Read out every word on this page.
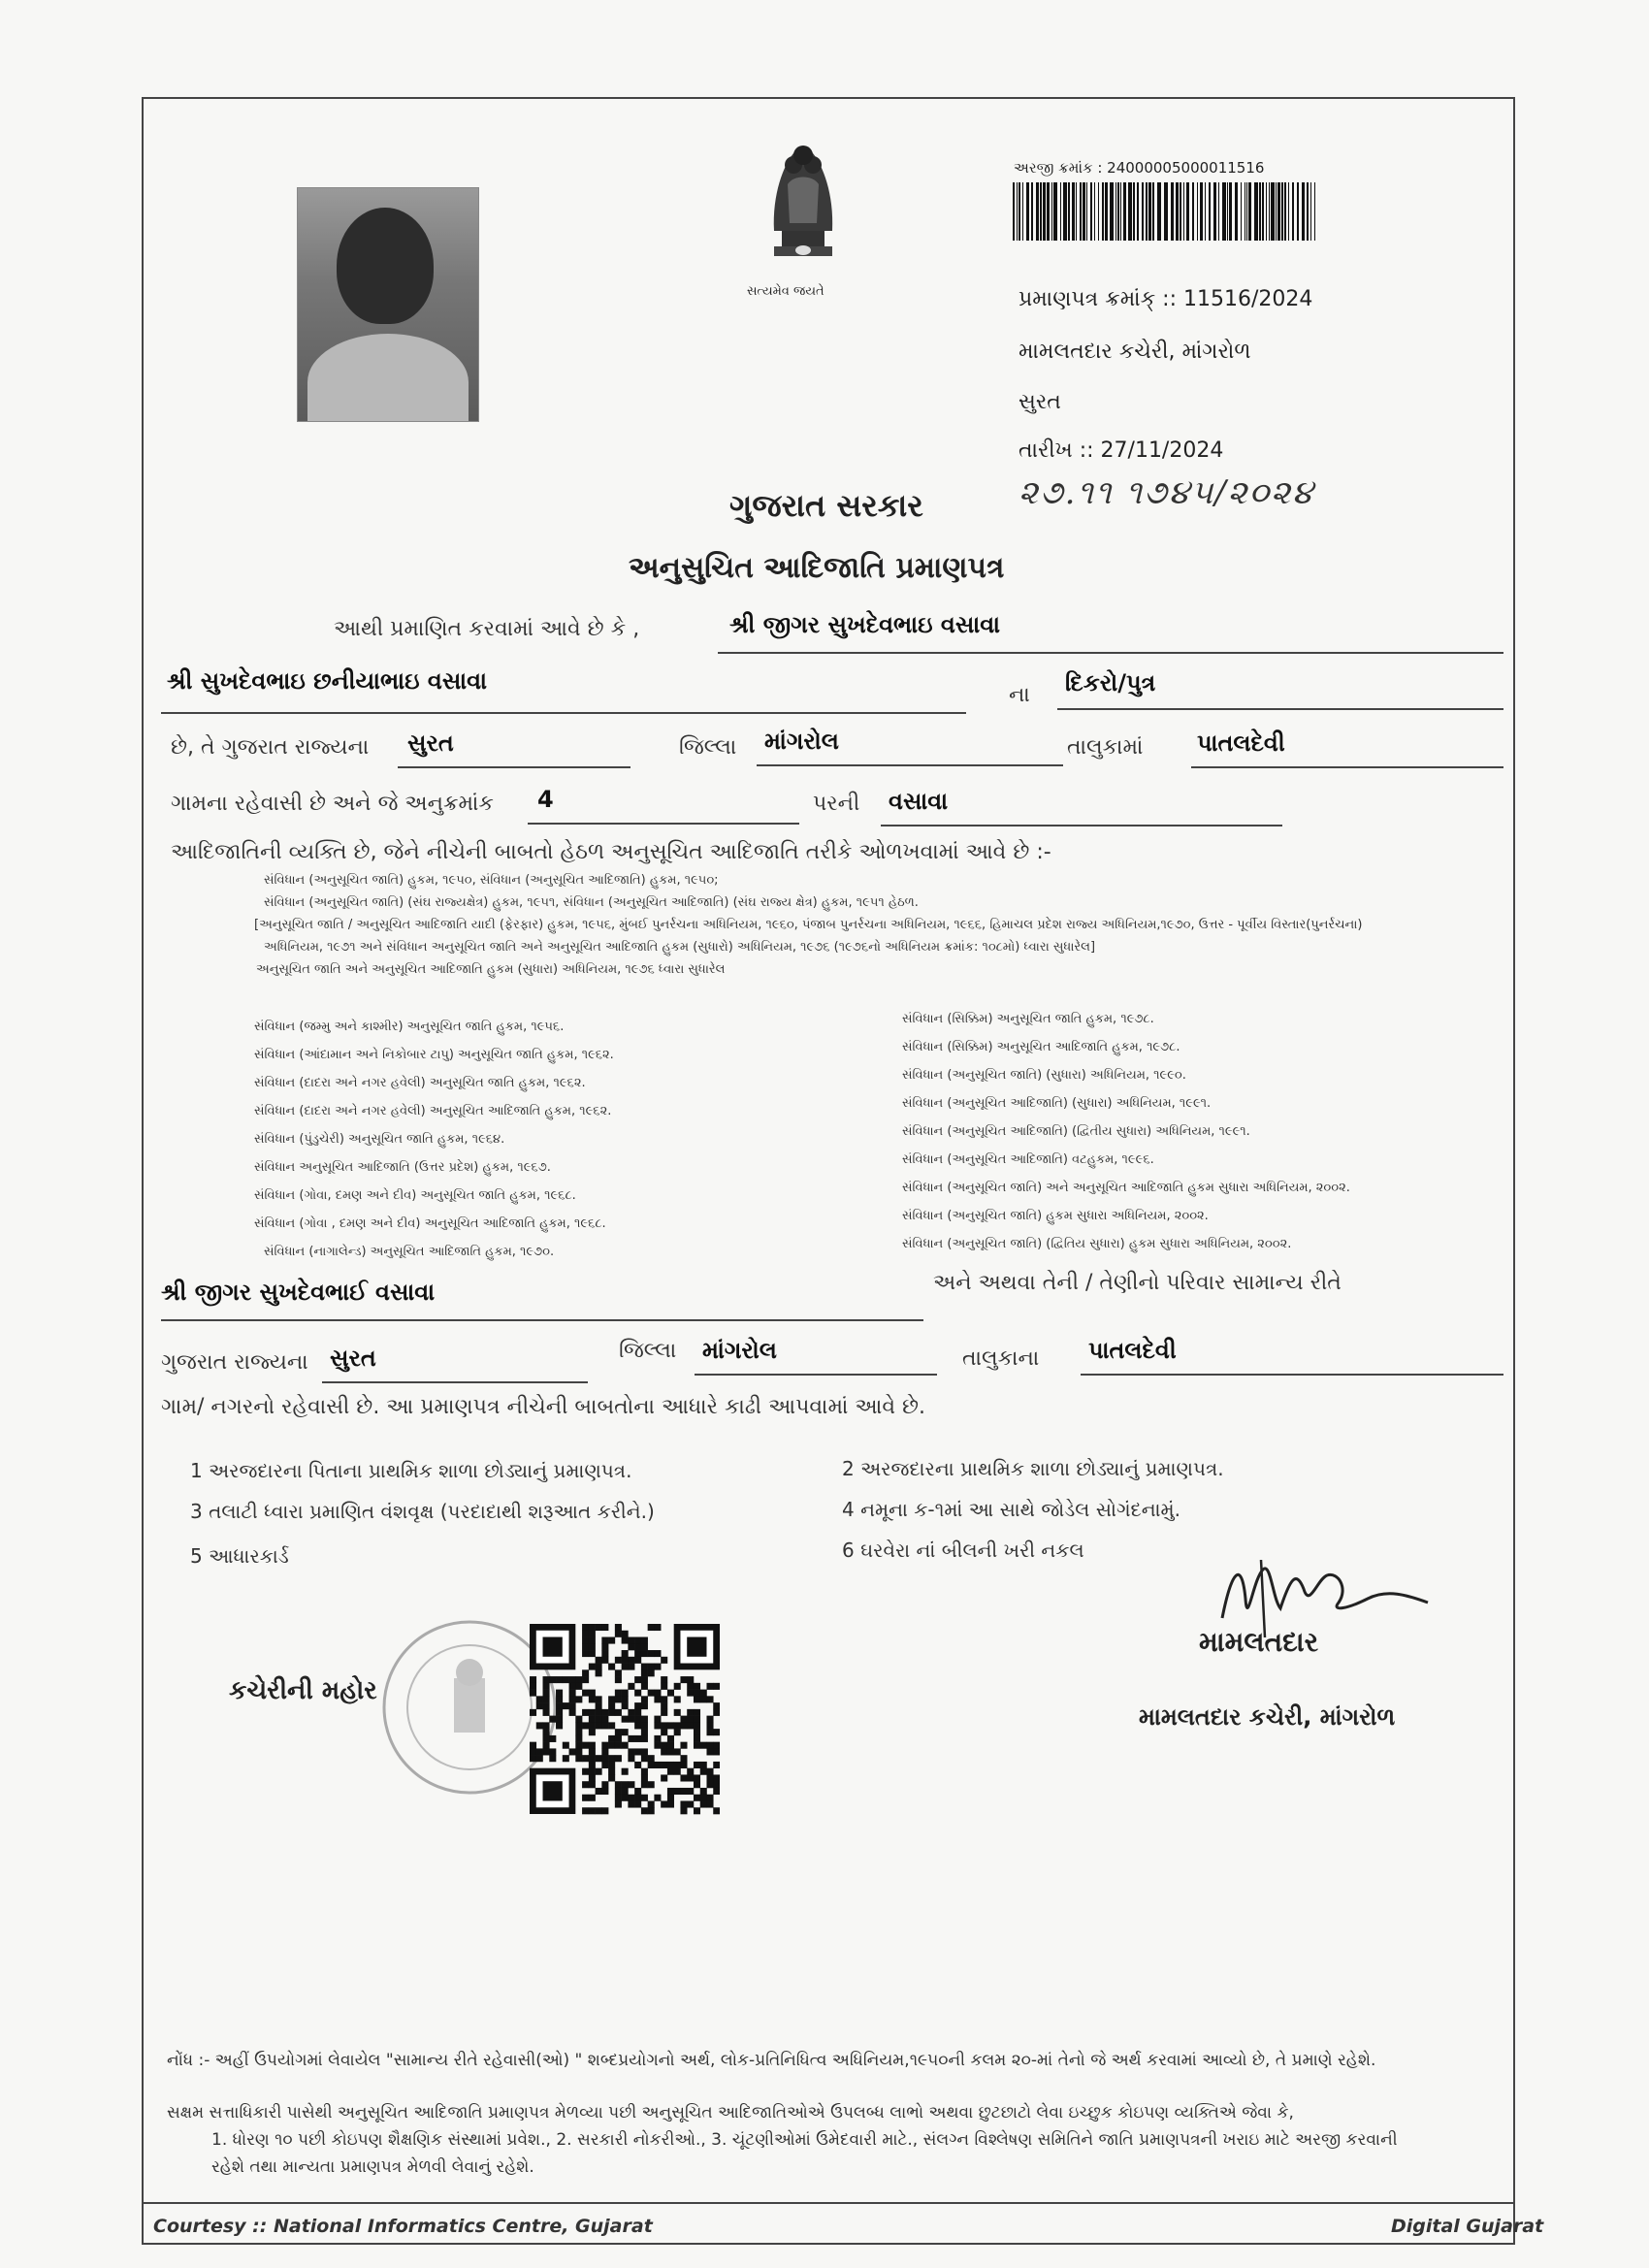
સત્યમેવ જયતે
અરજી ક્રમાંક : 24000005000011516
પ્રમાણપત્ર ક્રમાંક્ :: 11516/2024
મામલતદાર કચેરી, માંગરોળ
સુરત
તારીખ :: 27/11/2024
૨૭.૧૧ ૧૭૪૫/૨૦૨૪
ગુજરાત સરકાર
અનુસુચિત આદિજાતિ પ્રમાણપત્ર
આથી પ્રમાણિત કરવામાં આવે છે કે ,	શ્રી જીગર સુખદેવભાઇ વસાવા
શ્રી સુખદેવભાઇ છનીયાભાઇ વસાવા
ના દિકરો/પુત્ર
છે, તે ગુજરાત રાજ્યના સુરત	જિલ્લા માંગરોલ	તાલુકામાં પાતલદેવી
ગામના રહેવાસી છે અને જે અનુક્રમાંક 4	પરની વસાવા
આદિજાતિની વ્યક્તિ છે, જેને નીચેની બાબતો હેઠળ અનુસૂચિત આદિજાતિ તરીકે ઓળખવામાં આવે છે :-
સંવિધાન (અનુસૂચિત જાતિ) હુકમ, ૧૯૫૦, સંવિધાન (અનુસૂચિત આદિજાતિ) હુકમ, ૧૯૫૦;
સંવિધાન (અનુસૂચિત જાતિ) (સંઘ રાજ્યક્ષેત્ર) હુકમ, ૧૯૫૧, સંવિધાન (અનુસૂચિત આદિજાતિ) (સંઘ રાજ્ય ક્ષેત્ર) હુકમ, ૧૯૫૧ હેઠળ.
[અનુસૂચિત જાતિ / અનુસૂચિત આદિજાતિ યાદી (ફેરફાર) હુકમ, ૧૯૫૬, મુંબઈ પુનર્રચના અધિનિયમ, ૧૯૬૦, પંજાબ પુનર્રચના અધિનિયમ, ૧૯૬૬, હિમાચલ પ્રદેશ રાજ્ય અધિનિયમ,૧૯૭૦, ઉત્તર - પૂર્વીય વિસ્તાર(પુનર્રચના)
અધિનિયમ, ૧૯૭૧ અને સંવિધાન અનુસૂચિત જાતિ અને અનુસૂચિત આદિજાતિ હુકમ (સુધારો) અધિનિયમ, ૧૯૭૬ (૧૯૭૬નો અધિનિયમ ક્રમાંક: ૧૦૮મો) ધ્વારા સુધારેલ]
અનુસૂચિત જાતિ અને અનુસૂચિત આદિજાતિ હુકમ (સુધારા) અધિનિયમ, ૧૯૭૬ ધ્વારા સુધારેલ
સંવિધાન (જમ્મુ અને કાશ્મીર) અનુસૂચિત જાતિ હુકમ, ૧૯૫૬.
સંવિધાન (આંદામાન અને નિકોબાર ટાપુ) અનુસૂચિત જાતિ હુકમ, ૧૯૬૨.
સંવિધાન (દાદરા અને નગર હવેલી) અનુસૂચિત જાતિ હુકમ, ૧૯૬૨.
સંવિધાન (દાદરા અને નગર હવેલી) અનુસૂચિત આદિજાતિ હુકમ, ૧૯૬૨.
સંવિધાન (પુંડુચેરી) અનુસૂચિત જાતિ હુકમ, ૧૯૬૪.
સંવિધાન અનુસૂચિત આદિજાતિ (ઉત્તર પ્રદેશ) હુકમ, ૧૯૬૭.
સંવિધાન (ગોવા, દમણ અને દીવ) અનુસૂચિત જાતિ હુકમ, ૧૯૬૮.
સંવિધાન (ગોવા , દમણ અને દીવ) અનુસૂચિત આદિજાતિ હુકમ, ૧૯૬૮.
સંવિધાન (નાગાલેન્ડ) અનુસૂચિત આદિજાતિ હુકમ, ૧૯૭૦.
સંવિધાન (સિક્કિમ) અનુસૂચિત જાતિ હુકમ, ૧૯૭૮.
સંવિધાન (સિક્કિમ) અનુસૂચિત આદિજાતિ હુકમ, ૧૯૭૮.
સંવિધાન (અનુસૂચિત જાતિ) (સુધારા) અધિનિયમ, ૧૯૯૦.
સંવિધાન (અનુસૂચિત આદિજાતિ) (સુધારા) અધિનિયમ, ૧૯૯૧.
સંવિધાન (અનુસૂચિત આદિજાતિ) (દ્વિતીય સુધારા) અધિનિયમ, ૧૯૯૧.
સંવિધાન (અનુસૂચિત આદિજાતિ) વટહુકમ, ૧૯૯૬.
સંવિધાન (અનુસૂચિત જાતિ) અને અનુસૂચિત આદિજાતિ હુકમ સુધારા અધિનિયમ, ૨૦૦૨.
સંવિધાન (અનુસૂચિત જાતિ) હુકમ સુધારા અધિનિયમ, ૨૦૦૨.
સંવિધાન (અનુસૂચિત જાતિ) (દ્વિતિય સુધારા) હુકમ સુધારા અધિનિયમ, ૨૦૦૨.
શ્રી જીગર સુખદેવભાઈ વસાવા	અને અથવા તેની / તેણીનો પરિવાર સામાન્ય રીતે
ગુજરાત રાજ્યના સુરત	જિલ્લા માંગરોલ	તાલુકાના પાતલદેવી
ગામ/ નગરનો રહેવાસી છે. આ પ્રમાણપત્ર નીચેની બાબતોના આધારે કાઢી આપવામાં આવે છે.
1 અરજદારના પિતાના પ્રાથમિક શાળા છોડ્યાનું પ્રમાણપત્ર.	2 અરજદારના પ્રાથમિક શાળા છોડ્યાનું પ્રમાણપત્ર.
3 તલાટી ધ્વારા પ્રમાણિત વંશવૃક્ષ (પરદાદાથી શરૂઆત કરીને.)	4 નમૂના ક-૧માં આ સાથે જોડેલ સોગંદનામું.
5 આધારકાર્ડ	6 ઘરવેરા નાં બીલની ખરી નકલ
કચેરીની મહોર
મામલતદાર
મામલતદાર કચેરી, માંગરોળ
નોંધ :- અહીં ઉપયોગમાં લેવાયેલ "સામાન્ય રીતે રહેવાસી(ઓ) " શબ્દપ્રયોગનો અર્થ, લોક-પ્રતિનિધિત્વ અધિનિયમ,૧૯૫૦ની કલમ ૨૦-માં તેનો જે અર્થ કરવામાં આવ્યો છે, તે પ્રમાણે રહેશે.
સક્ષમ સત્તાધિકારી પાસેથી અનુસૂચિત આદિજાતિ પ્રમાણપત્ર મેળવ્યા પછી અનુસૂચિત આદિજાતિઓએ ઉપલબ્ધ લાભો અથવા છુટછાટો લેવા ઇચ્છુક કોઇપણ વ્યક્તિએ જેવા કે,
1. ધોરણ ૧૦ પછી કોઇપણ શૈક્ષણિક સંસ્થામાં પ્રવેશ., 2. સરકારી નોકરીઓ., 3. ચૂંટણીઓમાં ઉમેદવારી માટે., સંલગ્ન વિશ્લેષણ સમિતિને જાતિ પ્રમાણપત્રની ખરાઇ માટે અરજી કરવાની
રહેશે તથા માન્યતા પ્રમાણપત્ર મેળવી લેવાનું રહેશે.
Courtesy :: National Informatics Centre, Gujarat	Digital Gujarat
